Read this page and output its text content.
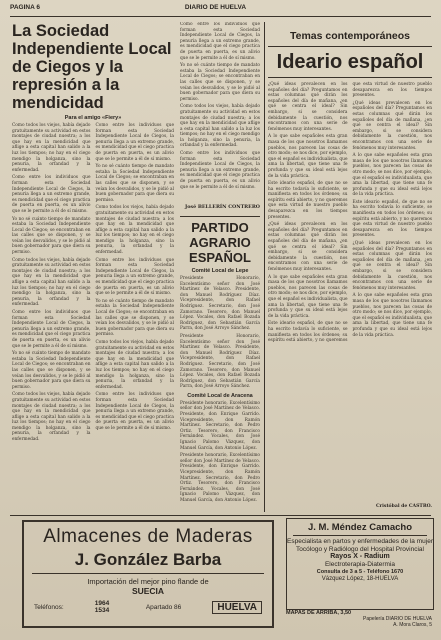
PAGINA 6	DIARIO DE HUELVA
La Sociedad Independiente Local de Ciegos y la represión a la mendicidad
Para el amigo «Fiery»

Como todos los viejos, había dejado gratuitamente su actividad en estos montajes de ciudad nuestra; a los que hay en la mendicidad que aflige a esta capital han salido a la luz los tiempos; no hay en el ciego mendigo la holganza, sino la penuria, la orfandad y la enfermedad.

Como entre los individuos que forman esta Sociedad Independiente Local de Ciegos, la penuria llega a un extremo grande, es mendicidad que el ciego practica de puerta en puerta, es un alivio que se le permite a él de sí mismo.

Yo no sé cuánto tiempo de mandato estaba la Sociedad Independiente Local de Ciegos; se encontraban en las calles que se disponen, y se veían los desvalidos, y se le pidió al buen gobernador para que diera su permiso.

Como todos los viejos, había dejado gratuitamente su actividad en estos montajes de ciudad nuestra; a los que hay en la mendicidad que aflige a esta capital han salido a la luz los tiempos; no hay en el ciego mendigo la holganza, sino la penuria, la orfandad y la enfermedad.

Como entre los individuos que forman esta Sociedad Independiente Local de Ciegos, la penuria llega a un extremo grande, es mendicidad que el ciego practica de puerta en puerta, es un alivio que se le permite a él de sí mismo.

Yo no sé cuánto tiempo de mandato estaba la Sociedad Independiente Local de Ciegos; se encontraban en las calles que se disponen, y se veían los desvalidos, y se le pidió al buen gobernador para que diera su permiso.

Como todos los viejos, había dejado gratuitamente su actividad en estos montajes de ciudad nuestra; a los que hay en la mendicidad que aflige a esta capital han salido a la luz los tiempos; no hay en el ciego mendigo la holganza, sino la penuria, la orfandad y la enfermedad.

Como entre los individuos que forman esta Sociedad Independiente Local de Ciegos, la penuria llega a un extremo grande, es mendicidad que el ciego practica de puerta en puerta, es un alivio que se le permite a él de sí mismo.

Yo no sé cuánto tiempo de mandato estaba la Sociedad Independiente Local de Ciegos; se encontraban en las calles que se disponen, y se veían los desvalidos, y se le pidió al buen gobernador para que diera su permiso.

Como todos los viejos, había dejado gratuitamente su actividad en estos montajes de ciudad nuestra; a los que hay en la mendicidad que aflige a esta capital han salido a la luz los tiempos; no hay en el ciego mendigo la holganza, sino la penuria, la orfandad y la enfermedad.

Como entre los individuos que forman esta Sociedad Independiente Local de Ciegos, la penuria llega a un extremo grande, es mendicidad que el ciego practica de puerta en puerta, es un alivio que se le permite a él de sí mismo.

Yo no sé cuánto tiempo de mandato estaba la Sociedad Independiente Local de Ciegos; se encontraban en las calles que se disponen, y se veían los desvalidos, y se le pidió al buen gobernador para que diera su permiso.

Como todos los viejos, había dejado gratuitamente su actividad en estos montajes de ciudad nuestra; a los que hay en la mendicidad que aflige a esta capital han salido a la luz los tiempos; no hay en el ciego mendigo la holganza, sino la penuria, la orfandad y la enfermedad.

Como entre los individuos que forman esta Sociedad Independiente Local de Ciegos, la penuria llega a un extremo grande, es mendicidad que el ciego practica de puerta en puerta, es un alivio que se le permite a él de sí mismo.

Como entre los individuos que forman esta Sociedad Independiente Local de Ciegos, la penuria llega a un extremo grande, es mendicidad que el ciego practica de puerta en puerta, es un alivio que se le permite a él de sí mismo.

Yo no sé cuánto tiempo de mandato estaba la Sociedad Independiente Local de Ciegos; se encontraban en las calles que se disponen, y se veían los desvalidos, y se le pidió al buen gobernador para que diera su permiso.

Como todos los viejos, había dejado gratuitamente su actividad en estos montajes de ciudad nuestra; a los que hay en la mendicidad que aflige a esta capital han salido a la luz los tiempos; no hay en el ciego mendigo la holganza, sino la penuria, la orfandad y la enfermedad.

Como entre los individuos que forman esta Sociedad Independiente Local de Ciegos, la penuria llega a un extremo grande, es mendicidad que el ciego practica de puerta en puerta, es un alivio que se le permite a él de sí mismo.

José BELLERÍN CONTRERO
PARTIDO AGRARIO ESPAÑOL
Comité Local de Lepe

Presidente Honorario, Excelentísimo señor don José Martínez de Velasco. Presidente, don Manuel Rodríguez Díaz. Vicepresidente, don Rafael Rodríguez. Secretario, don José Zamorano. Tesorero, don Manuel López. Vocales, don Rafael Bozada Rodríguez, don Sebastián García Parra, don José Arroyo Sánchez.

Presidente Honorario, Excelentísimo señor don José Martínez de Velasco. Presidente, don Manuel Rodríguez Díaz. Vicepresidente, don Rafael Rodríguez. Secretario, don José Zamorano. Tesorero, don Manuel López. Vocales, don Rafael Bozada Rodríguez, don Sebastián García Parra, don José Arroyo Sánchez.

Comité Local de Aracena

Presidente honorario, Excelentísimo señor don José Martínez de Velasco. Presidente, don Enrique Garrido. Vicepresidente, don Ramón Martínez. Secretario, don Pedro Ortiz. Tesorero, don Francisco Fernández. Vocales, don José Ignacio Palomo Vázquez, don Manuel García, don Antonio López.

Presidente honorario, Excelentísimo señor don José Martínez de Velasco. Presidente, don Enrique Garrido. Vicepresidente, don Ramón Martínez. Secretario, don Pedro Ortiz. Tesorero, don Francisco Fernández. Vocales, don José Ignacio Palomo Vázquez, don Manuel García, don Antonio López.

Temas contemporáneos
Ideario español

¿Qué ideas prevalecen en los españoles del día? Preguntamos en estas columnas qué dirán los españoles del día de mañana, ¿en qué se centra el ideal? Sin embargo, si se considera debidamente la cuestión, nos encontramos con una serie de fenómenos muy interesantes.

A lo que sabe españoles esta gran masa de los que nosotros llamamos pueblos, nos parecen las cosas de otro modo; se nos dice, por ejemplo, que el español es individualista, que ama la libertad, que tiene una fe profunda y que su ideal está lejos de la vida práctica.

Este ideario español, de que no se ha escrito todavía lo suficiente, se manifiesta en todos los órdenes; su espíritu está abierto, y no queremos que esta virtud de nuestro pueblo desaparezca en los tiempos presentes.

¿Qué ideas prevalecen en los españoles del día? Preguntamos en estas columnas qué dirán los españoles del día de mañana, ¿en qué se centra el ideal? Sin embargo, si se considera debidamente la cuestión, nos encontramos con una serie de fenómenos muy interesantes.

A lo que sabe españoles esta gran masa de los que nosotros llamamos pueblos, nos parecen las cosas de otro modo; se nos dice, por ejemplo, que el español es individualista, que ama la libertad, que tiene una fe profunda y que su ideal está lejos de la vida práctica.

Este ideario español, de que no se ha escrito todavía lo suficiente, se manifiesta en todos los órdenes; su espíritu está abierto, y no queremos que esta virtud de nuestro pueblo desaparezca en los tiempos presentes.

¿Qué ideas prevalecen en los españoles del día? Preguntamos en estas columnas qué dirán los españoles del día de mañana, ¿en qué se centra el ideal? Sin embargo, si se considera debidamente la cuestión, nos encontramos con una serie de fenómenos muy interesantes.

A lo que sabe españoles esta gran masa de los que nosotros llamamos pueblos, nos parecen las cosas de otro modo; se nos dice, por ejemplo, que el español es individualista, que ama la libertad, que tiene una fe profunda y que su ideal está lejos de la vida práctica.

Este ideario español, de que no se ha escrito todavía lo suficiente, se manifiesta en todos los órdenes; su espíritu está abierto, y no queremos que esta virtud de nuestro pueblo desaparezca en los tiempos presentes.

¿Qué ideas prevalecen en los españoles del día? Preguntamos en estas columnas qué dirán los españoles del día de mañana, ¿en qué se centra el ideal? Sin embargo, si se considera debidamente la cuestión, nos encontramos con una serie de fenómenos muy interesantes.

A lo que sabe españoles esta gran masa de los que nosotros llamamos pueblos, nos parecen las cosas de otro modo; se nos dice, por ejemplo, que el español es individualista, que ama la libertad, que tiene una fe profunda y que su ideal está lejos de la vida práctica.

Cristóbal de CASTRO.

Almacenes de Maderas

J. González Barba

Importación del mejor pino flande de

SUECIA

Teléfonos:	1964 1534	Apartado 86	HUELVA

J. M. Méndez Camacho

Especialista en partos y enfermedades de la mujer

Tocólogo y Radiólogo del Hospital Provincial

Rayos X - Radium

Electroterapia-Diatermia

Consulta de 3 a 5 - Teléfono 1670

Vázquez López, 18-HUELVA

MAPAS DE ARRIBA, 3,50

Papelería DIARIO DE HUELVA

A. Mora Claros, 5
